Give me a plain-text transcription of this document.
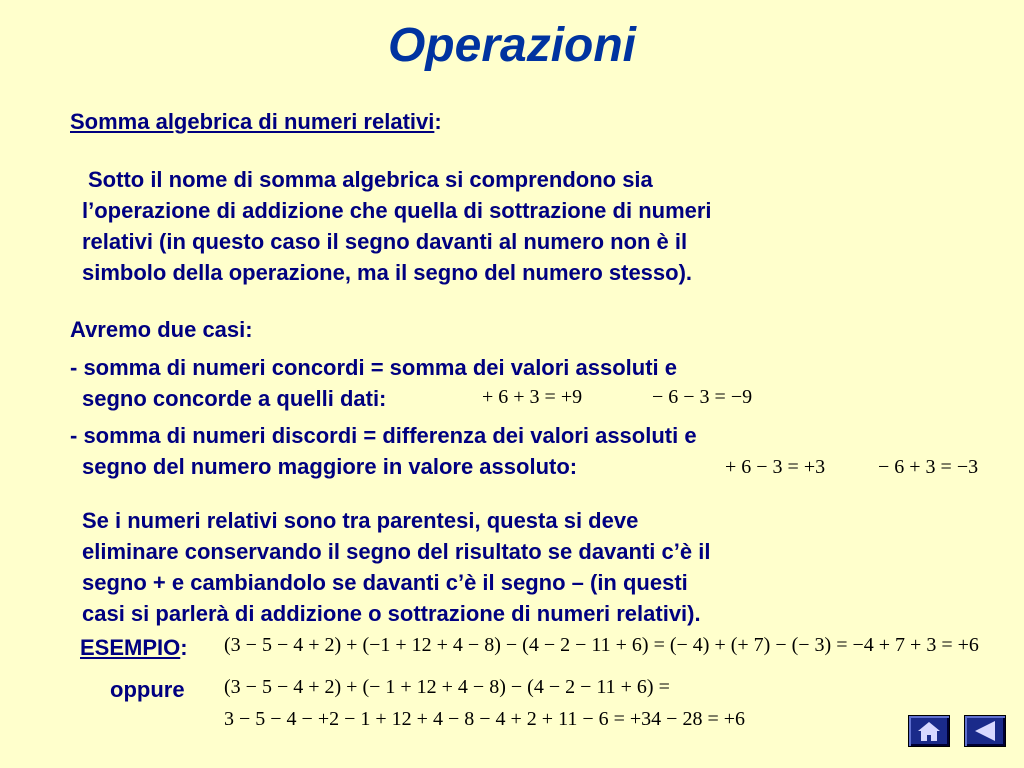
Operazioni

Somma algebrica di numeri relativi:

Sotto il nome di somma algebrica si comprendono sia
l’operazione di addizione che quella di sottrazione di numeri
relativi (in questo caso il segno davanti al numero non è il
simbolo della operazione, ma il segno del numero stesso).
Avremo due casi:
- somma di numeri concordi = somma dei valori assoluti e
segno concorde a quelli dati:	+ 6 + 3 = +9	− 6 − 3 = −9
- somma di numeri discordi = differenza dei valori assoluti e
segno del numero maggiore in valore assoluto:	+ 6 − 3 = +3	− 6 + 3 = −3
Se i numeri relativi sono tra parentesi, questa si deve
eliminare conservando il segno del risultato se davanti c’è il
segno + e cambiandolo se davanti c’è il segno – (in questi
casi si parlerà di addizione o sottrazione di numeri relativi).
ESEMPIO: (3 − 5 − 4 + 2) + (−1 + 12 + 4 − 8) − (4 − 2 − 11 + 6) = (− 4) + (+ 7) − (− 3) = −4 + 7 + 3 = +6
oppure (3 − 5 − 4 + 2) + (− 1 + 12 + 4 − 8) − (4 − 2 − 11 + 6) =
3 − 5 − 4 − +2 − 1 + 12 + 4 − 8 − 4 + 2 + 11 − 6 = +34 − 28 = +6
